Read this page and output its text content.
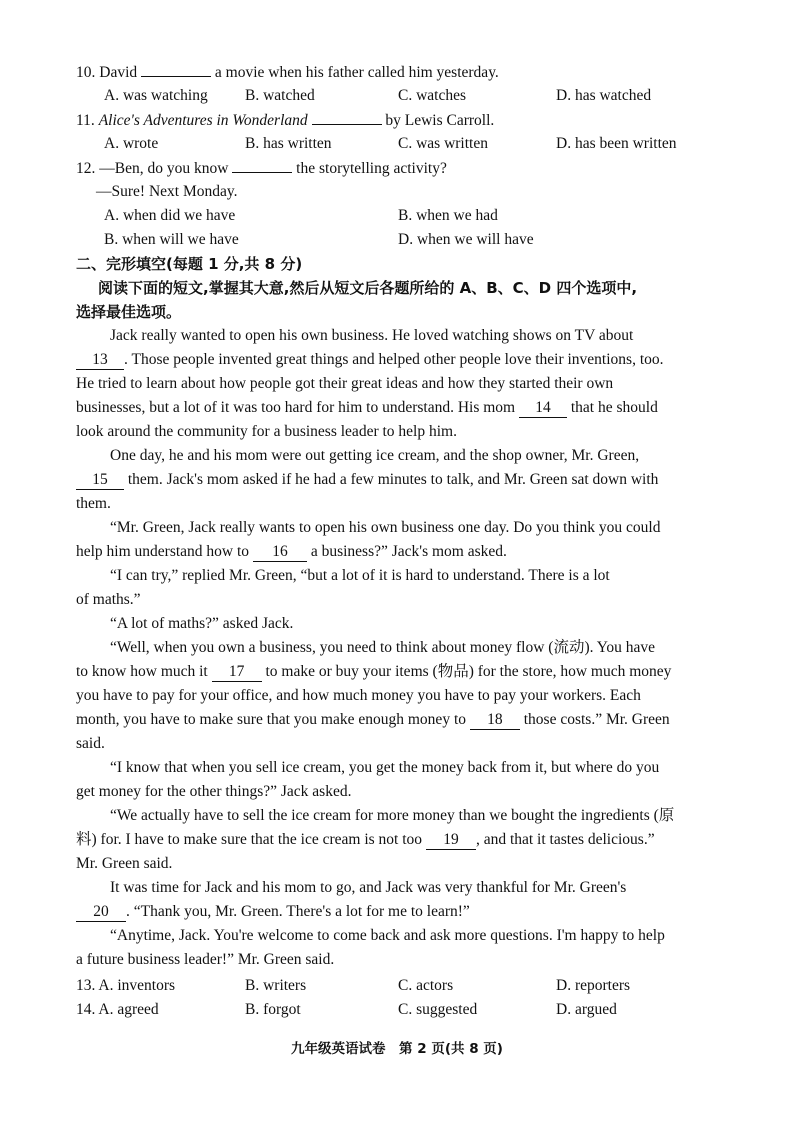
10. David	a movie when his father called him yesterday.
A. was watching B. watched	C. watches	D. has watched
11. Alice's Adventures in Wonderland	by Lewis Carroll.
A. wrote	B. has written	C. was written	D. has been written
12. —Ben, do you know	the storytelling activity?
—Sure! Next Monday.
A. when did we have	B. when we had
B. when will we have	D. when we will have
二、完形填空(每题 1 分,共 8 分)
阅读下面的短文,掌握其大意,然后从短文后各题所给的 A、B、C、D 四个选项中,
选择最佳选项。
Jack really wanted to open his own business. He loved watching shows on TV about
13 . Those people invented great things and helped other people love their inventions, too.
He tried to learn about how people got their great ideas and how they started their own
businesses, but a lot of it was too hard for him to understand. His mom 14 that he should
look around the community for a business leader to help him.
One day, he and his mom were out getting ice cream, and the shop owner, Mr. Green,
15 them. Jack's mom asked if he had a few minutes to talk, and Mr. Green sat down with
them.
“Mr. Green, Jack really wants to open his own business one day. Do you think you could
help him understand how to 16 a business?” Jack's mom asked.
“I can try,” replied Mr. Green, “but a lot of it is hard to understand. There is a lot
of maths.”
“A lot of maths?” asked Jack.
“Well, when you own a business, you need to think about money flow (流动). You have
to know how much it 17 to make or buy your items (物品) for the store, how much money
you have to pay for your office, and how much money you have to pay your workers. Each
month, you have to make sure that you make enough money to 18 those costs.” Mr. Green
said.
“I know that when you sell ice cream, you get the money back from it, but where do you
get money for the other things?” Jack asked.
“We actually have to sell the ice cream for more money than we bought the ingredients (原
料) for. I have to make sure that the ice cream is not too 19 , and that it tastes delicious.”
Mr. Green said.
It was time for Jack and his mom to go, and Jack was very thankful for Mr. Green's
20 . “Thank you, Mr. Green. There's a lot for me to learn!”
“Anytime, Jack. You're welcome to come back and ask more questions. I'm happy to help
a future business leader!” Mr. Green said.
13. A. inventors	B. writers	C. actors	D. reporters
14. A. agreed	B. forgot	C. suggested	D. argued
九年级英语试卷　第 2 页(共 8 页)
